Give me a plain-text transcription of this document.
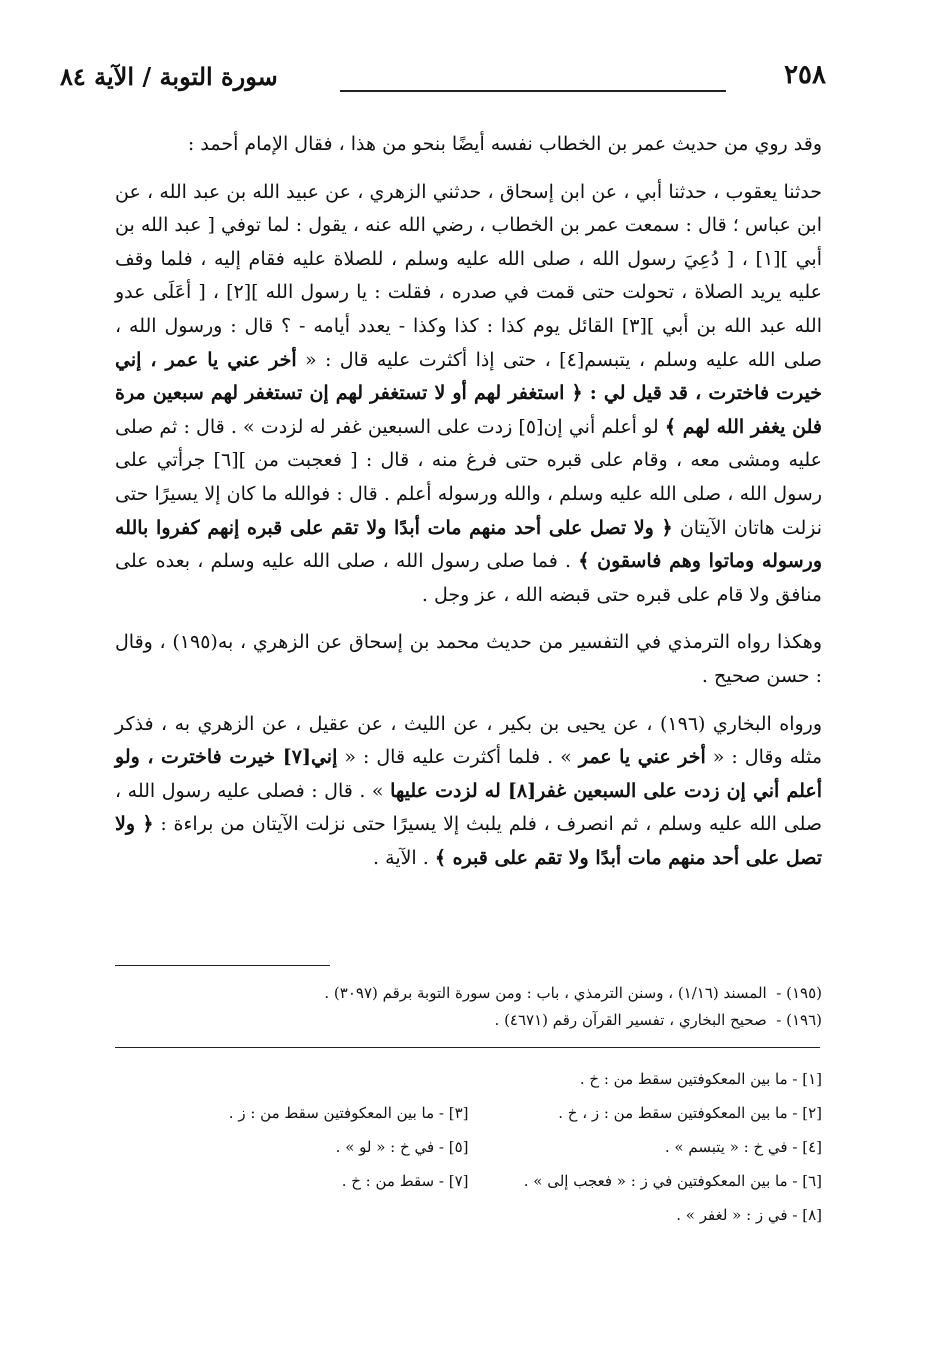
٢٥٨
سورة التوبة / الآية ٨٤

وقد روي من حديث عمر بن الخطاب نفسه أيضًا بنحو من هذا ، فقال الإمام أحمد :

حدثنا يعقوب ، حدثنا أبي ، عن ابن إسحاق ، حدثني الزهري ، عن عبيد الله بن عبد الله ، عن ابن عباس ؛ قال : سمعت عمر بن الخطاب ، رضي الله عنه ، يقول : لما توفي [ عبد الله بن أبي ][١] ، [ دُعِيَ رسول الله ، صلى الله عليه وسلم ، للصلاة عليه فقام إليه ، فلما وقف عليه يريد الصلاة ، تحولت حتى قمت في صدره ، فقلت : يا رسول الله ][٢] ، [ أعَلَى عدو الله عبد الله بن أبي ][٣] القائل يوم كذا : كذا وكذا - يعدد أيامه - ؟ قال : ورسول الله ، صلى الله عليه وسلم ، يتبسم[٤] ، حتى إذا أكثرت عليه قال : « أخر عني يا عمر ، إني خيرت فاخترت ، قد قيل لي : ﴿ استغفر لهم أو لا تستغفر لهم إن تستغفر لهم سبعين مرة فلن يغفر الله لهم ﴾ لو أعلم أني إن[٥] زدت على السبعين غفر له لزدت » . قال : ثم صلى عليه ومشى معه ، وقام على قبره حتى فرغ منه ، قال : [ فعجبت من ][٦] جرأتي على رسول الله ، صلى الله عليه وسلم ، والله ورسوله أعلم . قال : فوالله ما كان إلا يسيرًا حتى نزلت هاتان الآيتان ﴿ ولا تصل على أحد منهم مات أبدًا ولا تقم على قبره إنهم كفروا بالله ورسوله وماتوا وهم فاسقون ﴾ . فما صلى رسول الله ، صلى الله عليه وسلم ، بعده على منافق ولا قام على قبره حتى قبضه الله ، عز وجل .

وهكذا رواه الترمذي في التفسير من حديث محمد بن إسحاق عن الزهري ، به(١٩٥) ، وقال : حسن صحيح .

ورواه البخاري (١٩٦) ، عن يحيى بن بكير ، عن الليث ، عن عقيل ، عن الزهري به ، فذكر مثله وقال : « أخر عني يا عمر » . فلما أكثرت عليه قال : « إني[٧] خيرت فاخترت ، ولو أعلم أني إن زدت على السبعين غفر[٨] له لزدت عليها » . قال : فصلى عليه رسول الله ، صلى الله عليه وسلم ، ثم انصرف ، فلم يلبث إلا يسيرًا حتى نزلت الآيتان من براءة : ﴿ ولا تصل على أحد منهم مات أبدًا ولا تقم على قبره ﴾ . الآية .

(١٩٥) -

المسند (١/١٦) ، وسنن الترمذي ، باب : ومن سورة التوبة برقم (٣٠٩٧) .
(١٩٦) -

صحيح البخاري ، تفسير القرآن رقم (٤٦٧١) .
[١] - ما بين المعكوفتين سقط من : خ .
[٢] - ما بين المعكوفتين سقط من : ز ، خ .
[٣] - ما بين المعكوفتين سقط من : ز .
[٤] - في خ : « يتبسم » .
[٥] - في خ : « لو » .
[٦] - ما بين المعكوفتين في ز : « فعجب إلى » .
[٧] - سقط من : خ .
[٨] - في ز : « لغفر » .
